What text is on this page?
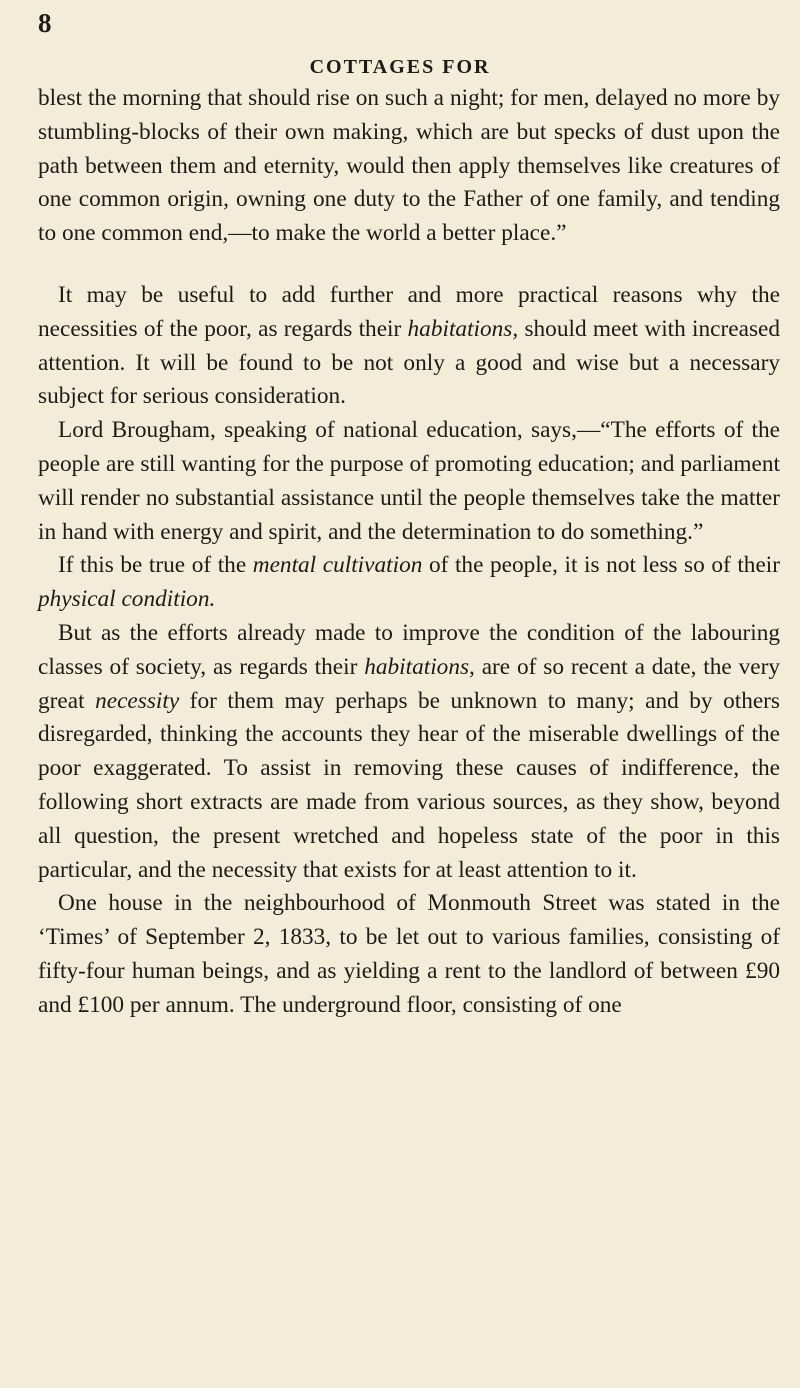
8
COTTAGES FOR

blest the morning that should rise on such a night; for men, delayed no more by stumbling-blocks of their own making, which are but specks of dust upon the path between them and eternity, would then apply themselves like creatures of one common origin, owning one duty to the Father of one family, and tending to one common end,—to make the world a better place.”

It may be useful to add further and more practical reasons why the necessities of the poor, as regards their habitations, should meet with increased attention. It will be found to be not only a good and wise but a necessary subject for serious consideration.

Lord Brougham, speaking of national education, says,—“The efforts of the people are still wanting for the purpose of promoting education; and parliament will render no substantial assistance until the people themselves take the matter in hand with energy and spirit, and the determination to do something.”

If this be true of the mental cultivation of the people, it is not less so of their physical condition.

But as the efforts already made to improve the condition of the labouring classes of society, as regards their habitations, are of so recent a date, the very great necessity for them may perhaps be unknown to many; and by others disregarded, thinking the accounts they hear of the miserable dwellings of the poor exaggerated. To assist in removing these causes of indifference, the following short extracts are made from various sources, as they show, beyond all question, the present wretched and hopeless state of the poor in this particular, and the necessity that exists for at least attention to it.

One house in the neighbourhood of Monmouth Street was stated in the ‘Times’ of September 2, 1833, to be let out to various families, consisting of fifty-four human beings, and as yielding a rent to the landlord of between £90 and £100 per annum. The underground floor, consisting of one
